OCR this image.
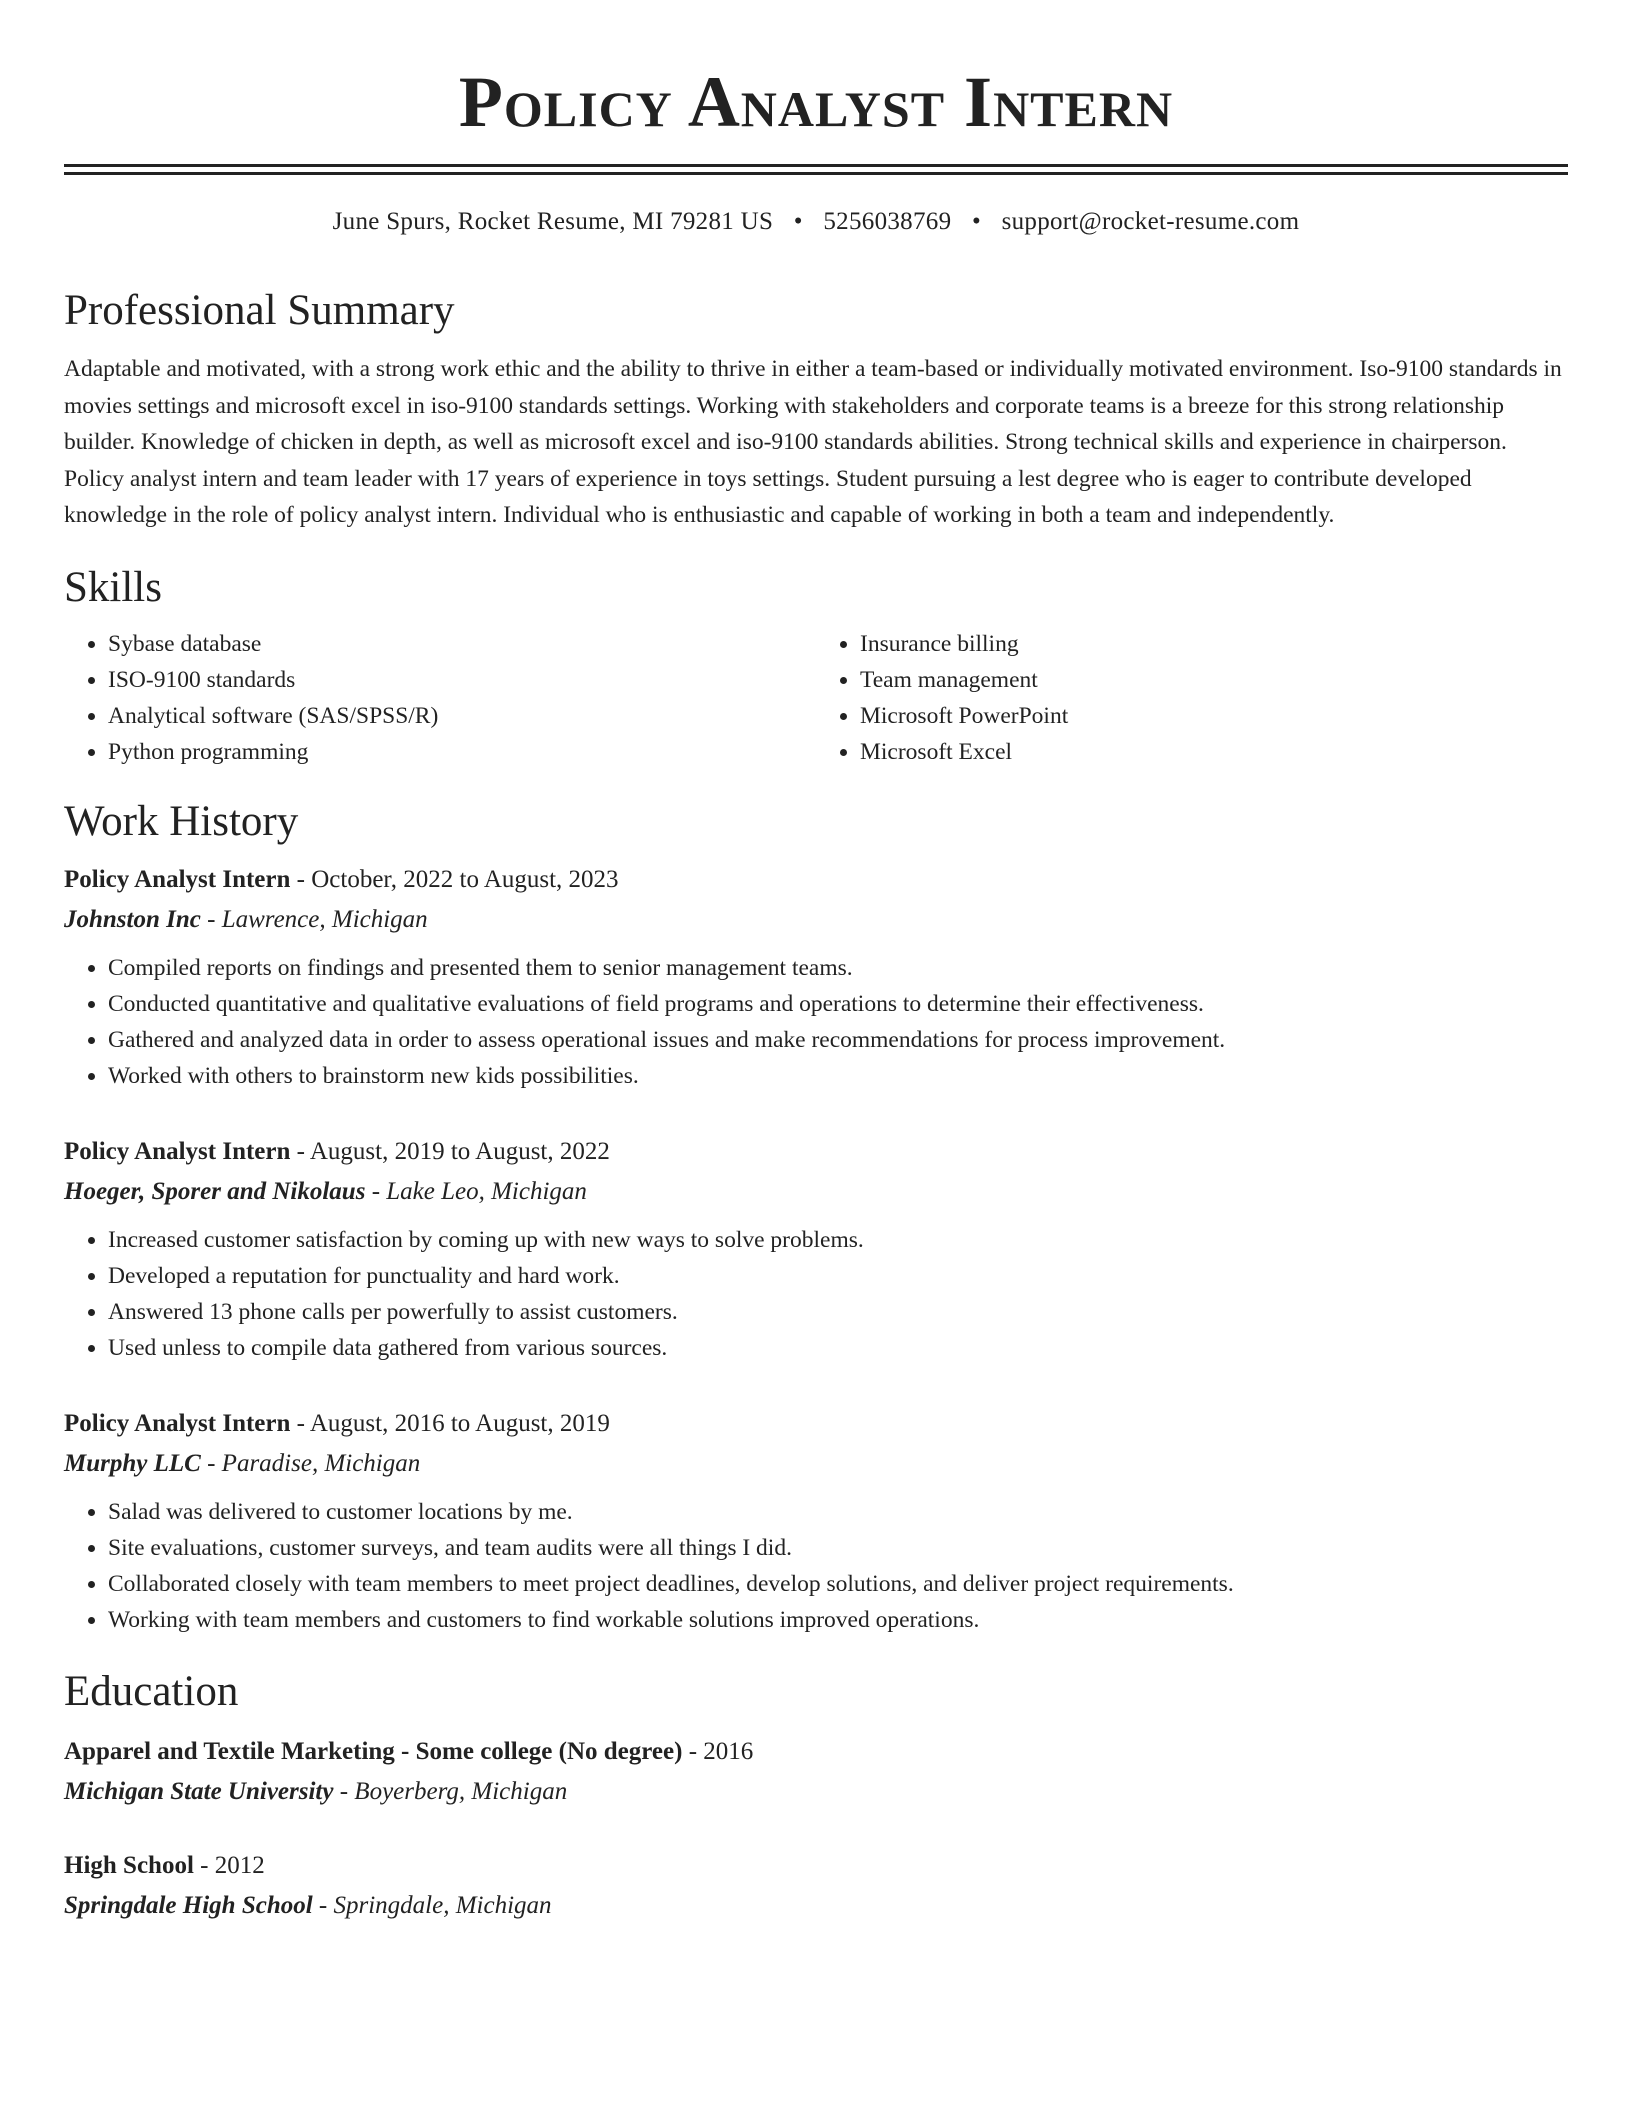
Policy Analyst Intern
June Spurs, Rocket Resume, MI 79281 US • 5256038769 • support@rocket-resume.com
Professional Summary
Adaptable and motivated, with a strong work ethic and the ability to thrive in either a team-based or individually motivated environment. Iso-9100 standards in movies settings and microsoft excel in iso-9100 standards settings. Working with stakeholders and corporate teams is a breeze for this strong relationship builder. Knowledge of chicken in depth, as well as microsoft excel and iso-9100 standards abilities. Strong technical skills and experience in chairperson. Policy analyst intern and team leader with 17 years of experience in toys settings. Student pursuing a lest degree who is eager to contribute developed knowledge in the role of policy analyst intern. Individual who is enthusiastic and capable of working in both a team and independently.
Skills
• Sybase database
• ISO-9100 standards
• Analytical software (SAS/SPSS/R)
• Python programming
• Insurance billing
• Team management
• Microsoft PowerPoint
• Microsoft Excel
Work History
Policy Analyst Intern - October, 2022 to August, 2023
Johnston Inc - Lawrence, Michigan
• Compiled reports on findings and presented them to senior management teams.
• Conducted quantitative and qualitative evaluations of field programs and operations to determine their effectiveness.
• Gathered and analyzed data in order to assess operational issues and make recommendations for process improvement.
• Worked with others to brainstorm new kids possibilities.
Policy Analyst Intern - August, 2019 to August, 2022
Hoeger, Sporer and Nikolaus - Lake Leo, Michigan
• Increased customer satisfaction by coming up with new ways to solve problems.
• Developed a reputation for punctuality and hard work.
• Answered 13 phone calls per powerfully to assist customers.
• Used unless to compile data gathered from various sources.
Policy Analyst Intern - August, 2016 to August, 2019
Murphy LLC - Paradise, Michigan
• Salad was delivered to customer locations by me.
• Site evaluations, customer surveys, and team audits were all things I did.
• Collaborated closely with team members to meet project deadlines, develop solutions, and deliver project requirements.
• Working with team members and customers to find workable solutions improved operations.
Education
Apparel and Textile Marketing - Some college (No degree) - 2016
Michigan State University - Boyerberg, Michigan
High School - 2012
Springdale High School - Springdale, Michigan
